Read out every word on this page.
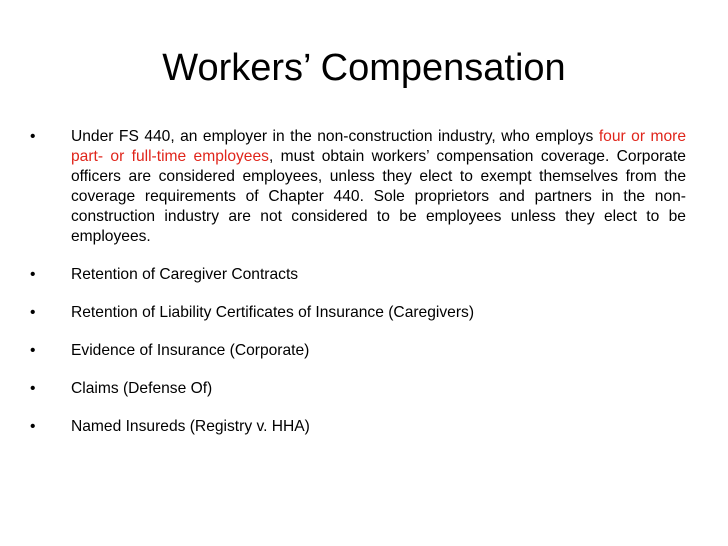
Workers’ Compensation
•	Under FS 440, an employer in the non-construction industry, who employs four or more part- or full-time employees, must obtain workers’ compensation coverage. Corporate officers are considered employees, unless they elect to exempt themselves from the coverage requirements of Chapter 440. Sole proprietors and partners in the non-construction industry are not considered to be employees unless they elect to be employees.
•	Retention of Caregiver Contracts
•	Retention of Liability Certificates of Insurance (Caregivers)
•	Evidence of Insurance (Corporate)
•	Claims (Defense Of)
•	Named Insureds (Registry v. HHA)
